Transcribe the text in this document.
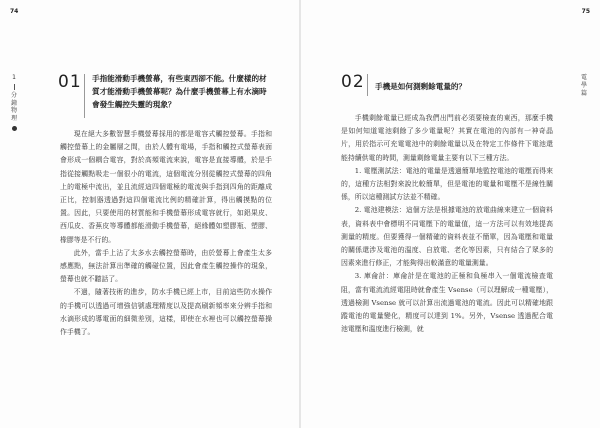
74
1
分
鐘
物
理
01 手指能滑動手機螢幕，有些東西卻不能。什麼樣的材質才能滑動手機螢幕呢？為什麼手機螢幕上有水滴時會發生觸控失靈的現象？

現在絕大多數智慧手機螢幕採用的都是電容式觸控螢幕。手指和觸控螢幕上的金屬層之間，由於人體有電場，手指和觸控式螢幕表面會形成一個耦合電容，對於高頻電流來說，電容是直接導體，於是手指從接觸點吸走一個很小的電流，這個電流分別從觸控式螢幕的四角上的電極中流出，並且流經這四個電極的電流與手指到四角的距離成正比，控制器透過對這四個電流比例的精確計算，得出觸摸點的位置。因此，只要使用的材質能和手機螢幕形成電容就行，如鋁果皮、西瓜皮、香蕉皮等導體都能滑動手機螢幕，絕緣體如塑膠瓶、塑膠、橡膠等是不行的。

此外，當手上沾了太多水去觸控螢幕時，由於螢幕上會產生太多感應點，無法計算出準確的觸碰位置，因此會產生觸控操作的現象，螢幕也就不聽話了。

不過，隨著技術的進步，防水手機已經上市，目前這些防水操作的手機可以透過可增強信號處理精度以及提高刷新頻率來分辨手指和水滴形成的導電面的細微差別，這樣，即使在水裡也可以觸控螢幕操作手機了。

75
電
學
篇
02 手機是如何測剩餘電量的？

手機剩餘電量已經成為我們出門前必須要檢查的東西，那麼手機是如何知道電池剩餘了多少電量呢？其實在電池的內部有一神奇晶片，用於指示可充電電池中的剩餘電量以及在特定工作條件下電池還能持續供電的時間，測量剩餘電量主要有以下三種方法。

1. 電壓測試法：電池的電量是透過簡單地監控電池的電壓而得來的，這種方法相對來說比較簡單，但是電池的電量和電壓不是線性關係，所以這種測試方法並不精確。

2. 電池建模法：這個方法是根據電池的放電曲線來建立一個資料表，資料表中會標明不同電壓下的電量值，這一方法可以有效地提高測量的精度。但要獲得一個精確的資料表並不簡單，因為電壓和電量的關係還涉及電池的溫度、自放電、老化等因素，只有結合了眾多的因素來進行修正，才能夠得出較滿意的電量測量。

3. 庫侖計：庫侖計是在電池的正極和負極串入一個電流檢查電阻，當有電流流經電阻時就會產生 Vsense（可以理解成一種電壓），透過檢測 Vsense 就可以計算出流過電池的電流。因此可以精確地跟蹤電池的電量變化，精度可以達到 1%。另外，Vsense 透過配合電池電壓和溫度進行檢測，就
